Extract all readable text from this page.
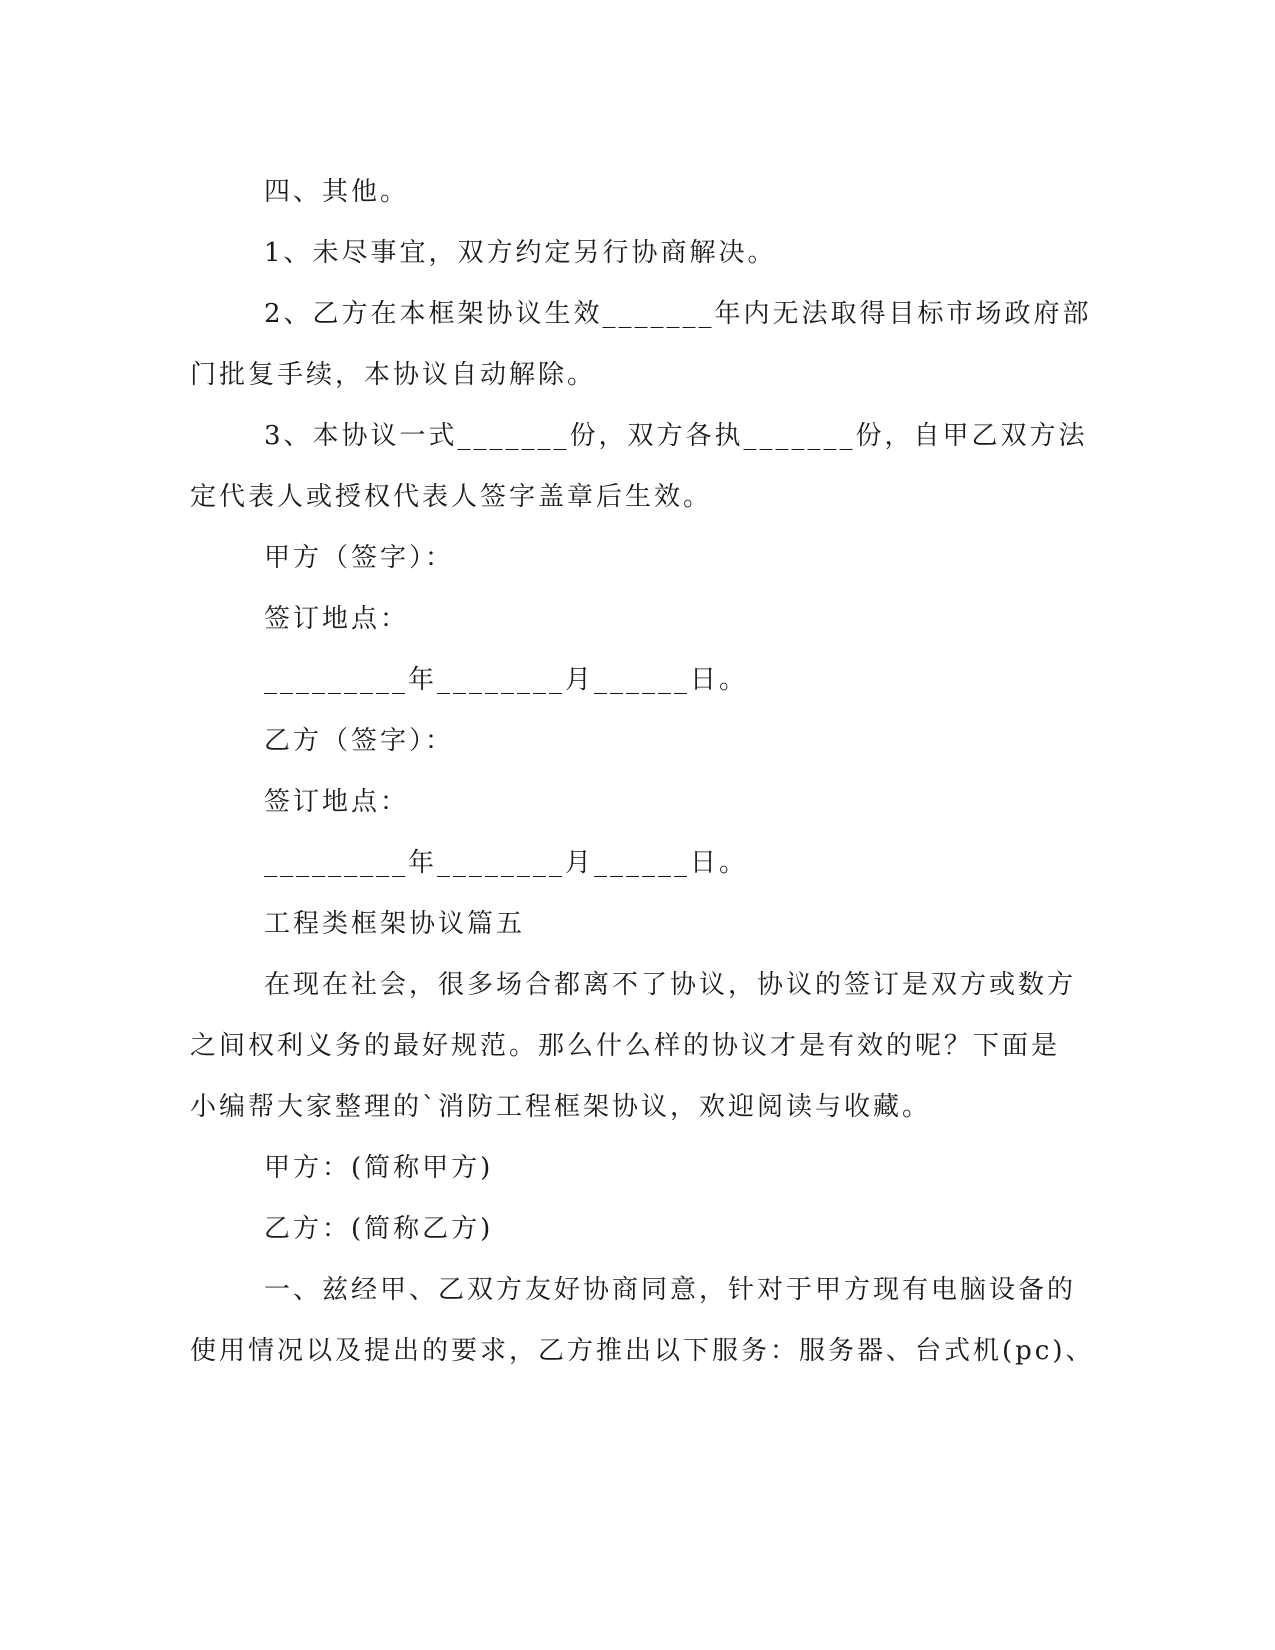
四、其他。

1、未尽事宜，双方约定另行协商解决。

2、乙方在本框架协议生效_______年内无法取得目标市场政府部

门批复手续，本协议自动解除。

3、本协议一式_______份，双方各执_______份，自甲乙双方法

定代表人或授权代表人签字盖章后生效。

甲方（签字）：

签订地点：

_________年________月______日。

乙方（签字）：

签订地点：

_________年________月______日。

工程类框架协议篇五

在现在社会，很多场合都离不了协议，协议的签订是双方或数方

之间权利义务的最好规范。那么什么样的协议才是有效的呢？下面是

小编帮大家整理的`消防工程框架协议，欢迎阅读与收藏。

甲方：(简称甲方)

乙方：(简称乙方)

一、兹经甲、乙双方友好协商同意，针对于甲方现有电脑设备的

使用情况以及提出的要求，乙方推出以下服务：服务器、台式机(pc)、
